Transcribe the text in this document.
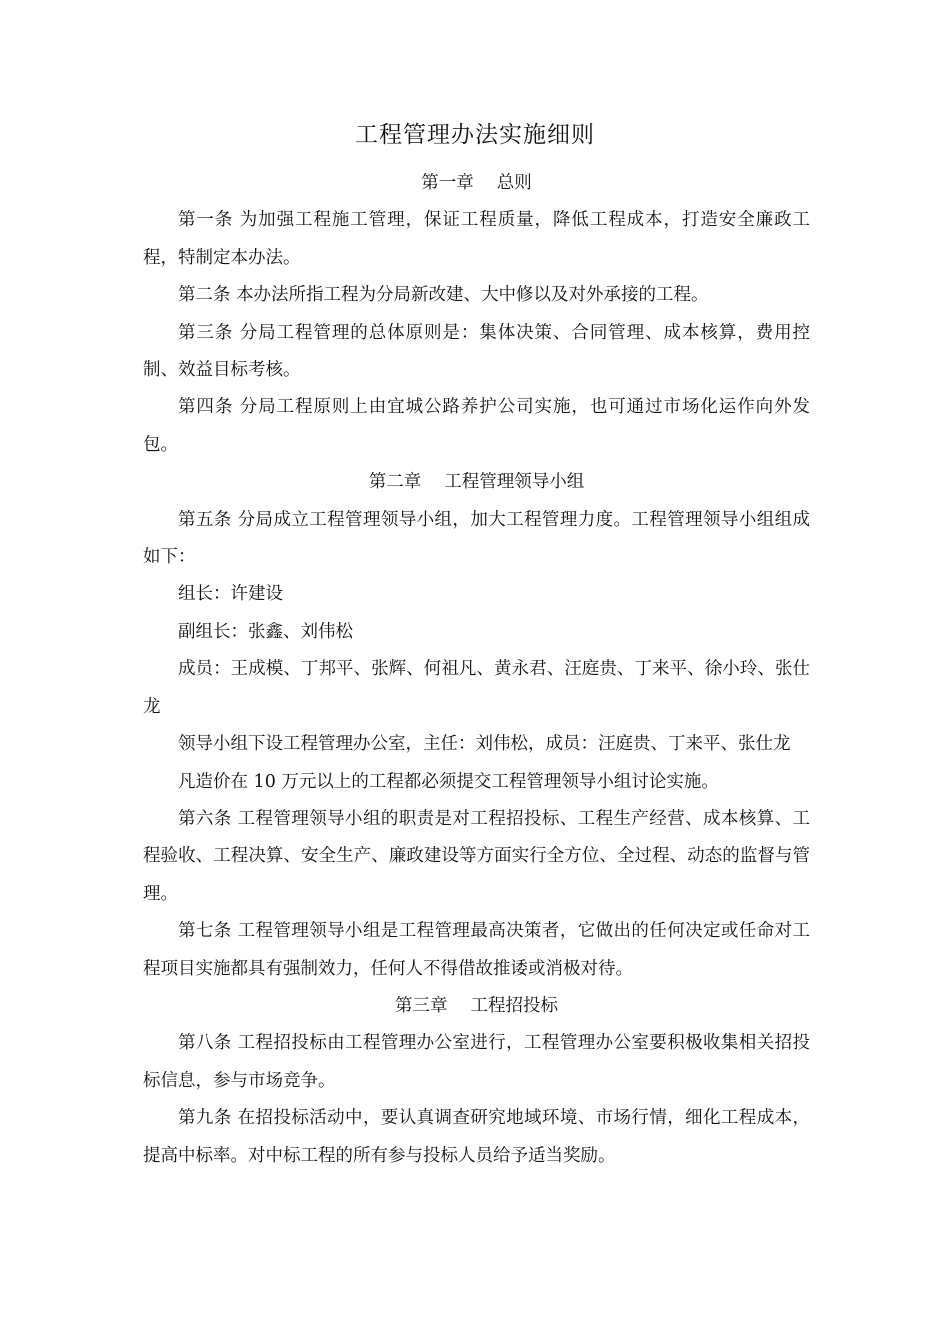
工程管理办法实施细则

第一章　 总则

第一条 为加强工程施工管理，保证工程质量，降低工程成本，打造安全廉政工程，特制定本办法。

第二条 本办法所指工程为分局新改建、大中修以及对外承接的工程。

第三条 分局工程管理的总体原则是：集体决策、合同管理、成本核算，费用控制、效益目标考核。

第四条 分局工程原则上由宜城公路养护公司实施，也可通过市场化运作向外发包。

第二章　 工程管理领导小组

第五条 分局成立工程管理领导小组，加大工程管理力度。工程管理领导小组组成如下：

组长：许建设

副组长：张鑫、刘伟松

成员：王成模、丁邦平、张辉、何祖凡、黄永君、汪庭贵、丁来平、徐小玲、张仕龙

领导小组下设工程管理办公室，主任：刘伟松，成员：汪庭贵、丁来平、张仕龙

凡造价在 10 万元以上的工程都必须提交工程管理领导小组讨论实施。

第六条 工程管理领导小组的职责是对工程招投标、工程生产经营、成本核算、工程验收、工程决算、安全生产、廉政建设等方面实行全方位、全过程、动态的监督与管理。

第七条 工程管理领导小组是工程管理最高决策者，它做出的任何决定或任命对工程项目实施都具有强制效力，任何人不得借故推诿或消极对待。

第三章　 工程招投标

第八条 工程招投标由工程管理办公室进行，工程管理办公室要积极收集相关招投标信息，参与市场竞争。

第九条 在招投标活动中，要认真调查研究地域环境、市场行情，细化工程成本，提高中标率。对中标工程的所有参与投标人员给予适当奖励。
